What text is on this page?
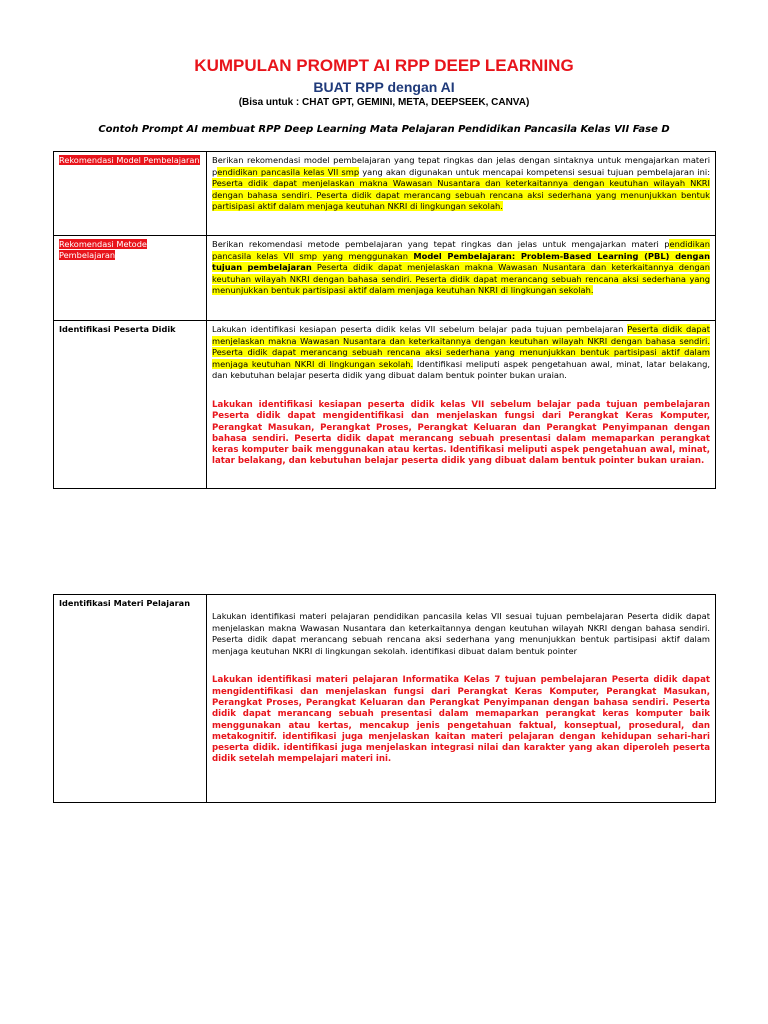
KUMPULAN PROMPT AI RPP DEEP LEARNING
BUAT RPP dengan AI
(Bisa untuk : CHAT GPT, GEMINI, META, DEEPSEEK, CANVA)
Contoh Prompt AI membuat RPP Deep Learning Mata Pelajaran Pendidikan Pancasila Kelas VII Fase D
Rekomendasi Model Pembelajaran	Berikan rekomendasi model pembelajaran yang tepat ringkas dan jelas dengan sintaknya untuk mengajarkan materi pendidikan pancasila kelas VII smp yang akan digunakan untuk mencapai kompetensi sesuai tujuan pembelajaran ini: Peserta didik dapat menjelaskan makna Wawasan Nusantara dan keterkaitannya dengan keutuhan wilayah NKRI dengan bahasa sendiri. Peserta didik dapat merancang sebuah rencana aksi sederhana yang menunjukkan bentuk partisipasi aktif dalam menjaga keutuhan NKRI di lingkungan sekolah.
Rekomendasi Metode Pembelajaran	Berikan rekomendasi metode pembelajaran yang tepat ringkas dan jelas untuk mengajarkan materi pendidikan pancasila kelas VII smp yang menggunakan Model Pembelajaran: Problem-Based Learning (PBL) dengan tujuan pembelajaran Peserta didik dapat menjelaskan makna Wawasan Nusantara dan keterkaitannya dengan keutuhan wilayah NKRI dengan bahasa sendiri. Peserta didik dapat merancang sebuah rencana aksi sederhana yang menunjukkan bentuk partisipasi aktif dalam menjaga keutuhan NKRI di lingkungan sekolah.
Identifikasi Peserta Didik	Lakukan identifikasi kesiapan peserta didik kelas VII sebelum belajar pada tujuan pembelajaran Peserta didik dapat menjelaskan makna Wawasan Nusantara dan keterkaitannya dengan keutuhan wilayah NKRI dengan bahasa sendiri. Peserta didik dapat merancang sebuah rencana aksi sederhana yang menunjukkan bentuk partisipasi aktif dalam menjaga keutuhan NKRI di lingkungan sekolah. Identifikasi meliputi aspek pengetahuan awal, minat, latar belakang, dan kebutuhan belajar peserta didik yang dibuat dalam bentuk pointer bukan uraian.

Lakukan identifikasi kesiapan peserta didik kelas VII sebelum belajar pada tujuan pembelajaran Peserta didik dapat mengidentifikasi dan menjelaskan fungsi dari Perangkat Keras Komputer, Perangkat Masukan, Perangkat Proses, Perangkat Keluaran dan Perangkat Penyimpanan dengan bahasa sendiri. Peserta didik dapat merancang sebuah presentasi dalam memaparkan perangkat keras komputer baik menggunakan atau kertas. Identifikasi meliputi aspek pengetahuan awal, minat, latar belakang, dan kebutuhan belajar peserta didik yang dibuat dalam bentuk pointer bukan uraian.

Identifikasi Materi Pelajaran	

Lakukan identifikasi materi pelajaran pendidikan pancasila kelas VII sesuai tujuan pembelajaran Peserta didik dapat menjelaskan makna Wawasan Nusantara dan keterkaitannya dengan keutuhan wilayah NKRI dengan bahasa sendiri. Peserta didik dapat merancang sebuah rencana aksi sederhana yang menunjukkan bentuk partisipasi aktif dalam menjaga keutuhan NKRI di lingkungan sekolah. identifikasi dibuat dalam bentuk pointer

Lakukan identifikasi materi pelajaran Informatika Kelas 7 tujuan pembelajaran Peserta didik dapat mengidentifikasi dan menjelaskan fungsi dari Perangkat Keras Komputer, Perangkat Masukan, Perangkat Proses, Perangkat Keluaran dan Perangkat Penyimpanan dengan bahasa sendiri. Peserta didik dapat merancang sebuah presentasi dalam memaparkan perangkat keras komputer baik menggunakan atau kertas, mencakup jenis pengetahuan faktual, konseptual, prosedural, dan metakognitif. identifikasi juga menjelaskan kaitan materi pelajaran dengan kehidupan sehari-hari peserta didik. identifikasi juga menjelaskan integrasi nilai dan karakter yang akan diperoleh peserta didik setelah mempelajari materi ini.
